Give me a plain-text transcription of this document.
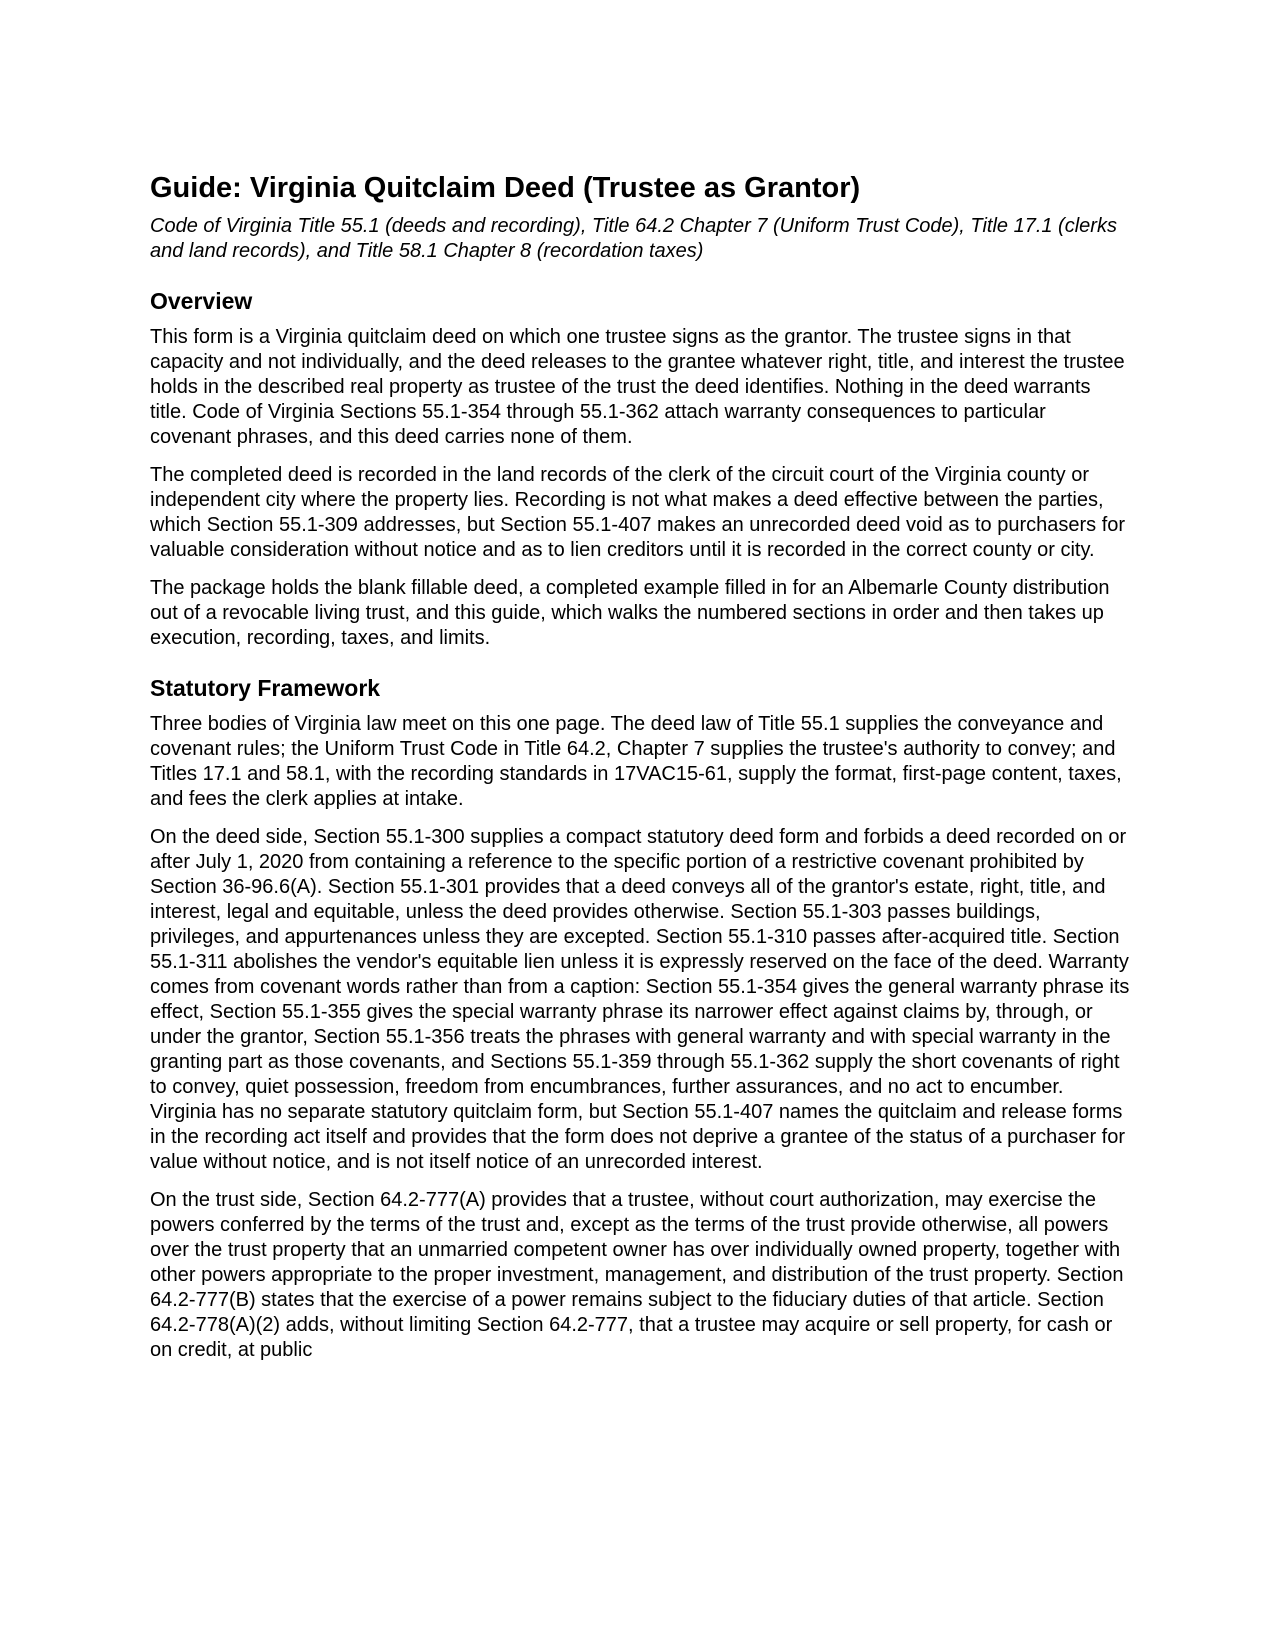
Guide: Virginia Quitclaim Deed (Trustee as Grantor)

Code of Virginia Title 55.1 (deeds and recording), Title 64.2 Chapter 7 (Uniform Trust Code), Title 17.1 (clerks and land records), and Title 58.1 Chapter 8 (recordation taxes)

Overview

This form is a Virginia quitclaim deed on which one trustee signs as the grantor. The trustee signs in that capacity and not individually, and the deed releases to the grantee whatever right, title, and interest the trustee holds in the described real property as trustee of the trust the deed identifies. Nothing in the deed warrants title. Code of Virginia Sections 55.1-354 through 55.1-362 attach warranty consequences to particular covenant phrases, and this deed carries none of them.

The completed deed is recorded in the land records of the clerk of the circuit court of the Virginia county or independent city where the property lies. Recording is not what makes a deed effective between the parties, which Section 55.1-309 addresses, but Section 55.1-407 makes an unrecorded deed void as to purchasers for valuable consideration without notice and as to lien creditors until it is recorded in the correct county or city.

The package holds the blank fillable deed, a completed example filled in for an Albemarle County distribution out of a revocable living trust, and this guide, which walks the numbered sections in order and then takes up execution, recording, taxes, and limits.

Statutory Framework

Three bodies of Virginia law meet on this one page. The deed law of Title 55.1 supplies the conveyance and covenant rules; the Uniform Trust Code in Title 64.2, Chapter 7 supplies the trustee's authority to convey; and Titles 17.1 and 58.1, with the recording standards in 17VAC15-61, supply the format, first-page content, taxes, and fees the clerk applies at intake.

On the deed side, Section 55.1-300 supplies a compact statutory deed form and forbids a deed recorded on or after July 1, 2020 from containing a reference to the specific portion of a restrictive covenant prohibited by Section 36-96.6(A). Section 55.1-301 provides that a deed conveys all of the grantor's estate, right, title, and interest, legal and equitable, unless the deed provides otherwise. Section 55.1-303 passes buildings, privileges, and appurtenances unless they are excepted. Section 55.1-310 passes after-acquired title. Section 55.1-311 abolishes the vendor's equitable lien unless it is expressly reserved on the face of the deed. Warranty comes from covenant words rather than from a caption: Section 55.1-354 gives the general warranty phrase its effect, Section 55.1-355 gives the special warranty phrase its narrower effect against claims by, through, or under the grantor, Section 55.1-356 treats the phrases with general warranty and with special warranty in the granting part as those covenants, and Sections 55.1-359 through 55.1-362 supply the short covenants of right to convey, quiet possession, freedom from encumbrances, further assurances, and no act to encumber. Virginia has no separate statutory quitclaim form, but Section 55.1-407 names the quitclaim and release forms in the recording act itself and provides that the form does not deprive a grantee of the status of a purchaser for value without notice, and is not itself notice of an unrecorded interest.

On the trust side, Section 64.2-777(A) provides that a trustee, without court authorization, may exercise the powers conferred by the terms of the trust and, except as the terms of the trust provide otherwise, all powers over the trust property that an unmarried competent owner has over individually owned property, together with other powers appropriate to the proper investment, management, and distribution of the trust property. Section 64.2-777(B) states that the exercise of a power remains subject to the fiduciary duties of that article. Section 64.2-778(A)(2) adds, without limiting Section 64.2-777, that a trustee may acquire or sell property, for cash or on credit, at public
